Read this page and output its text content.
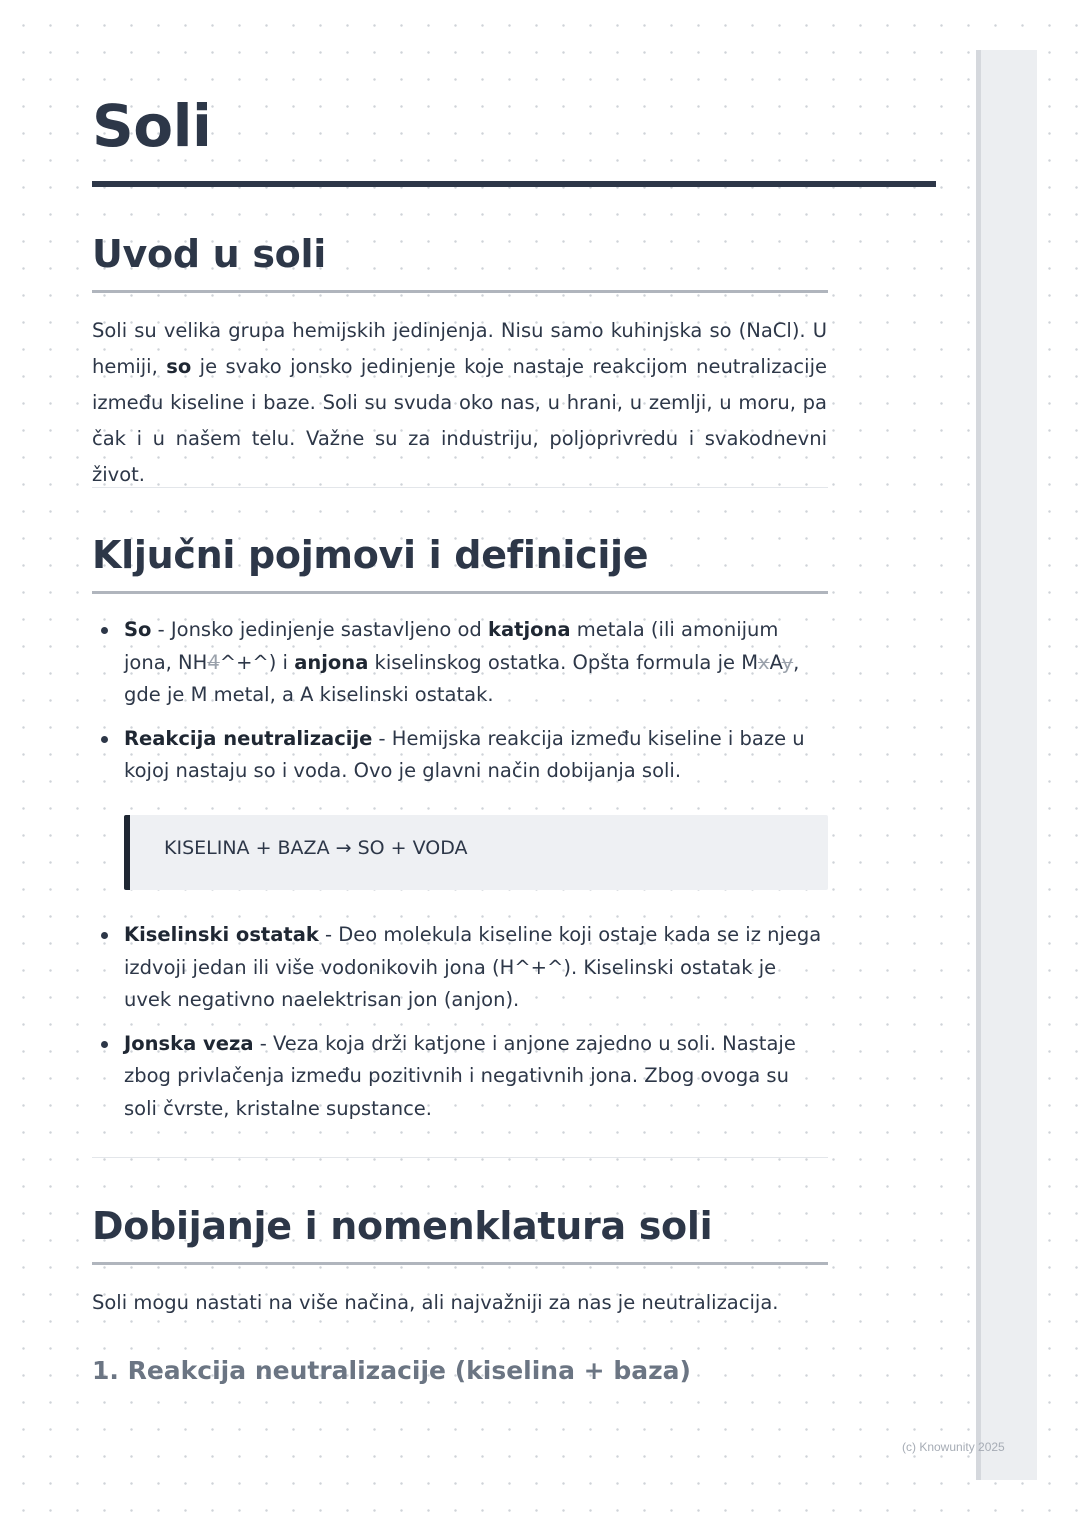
Soli
Uvod u soli

Soli su velika grupa hemijskih jedinjenja. Nisu samo kuhinjska so (NaCl). U hemiji, so je svako jonsko jedinjenje koje nastaje reakcijom neutralizacije između kiseline i baze. Soli su svuda oko nas, u hrani, u zemlji, u moru, pa čak i u našem telu. Važne su za industriju, poljoprivredu i svakodnevni život.

Ključni pojmovi i definicije
So - Jonsko jedinjenje sastavljeno od katjona metala (ili amonijum jona, NH4^+^) i anjona kiselinskog ostatka. Opšta formula je MxAy, gde je M metal, a A kiselinski ostatak.
Reakcija neutralizacije - Hemijska reakcija između kiseline i baze u kojoj nastaju so i voda. Ovo je glavni način dobijanja soli.
KISELINA + BAZA → SO + VODA
Kiselinski ostatak - Deo molekula kiseline koji ostaje kada se iz njega izdvoji jedan ili više vodonikovih jona (H^+^). Kiselinski ostatak je uvek negativno naelektrisan jon (anjon).
Jonska veza - Veza koja drži katjone i anjone zajedno u soli. Nastaje zbog privlačenja između pozitivnih i negativnih jona. Zbog ovoga su soli čvrste, kristalne supstance.
Dobijanje i nomenklatura soli

Soli mogu nastati na više načina, ali najvažniji za nas je neutralizacija.

1. Reakcija neutralizacije (kiselina + baza)
(c) Knowunity 2025
